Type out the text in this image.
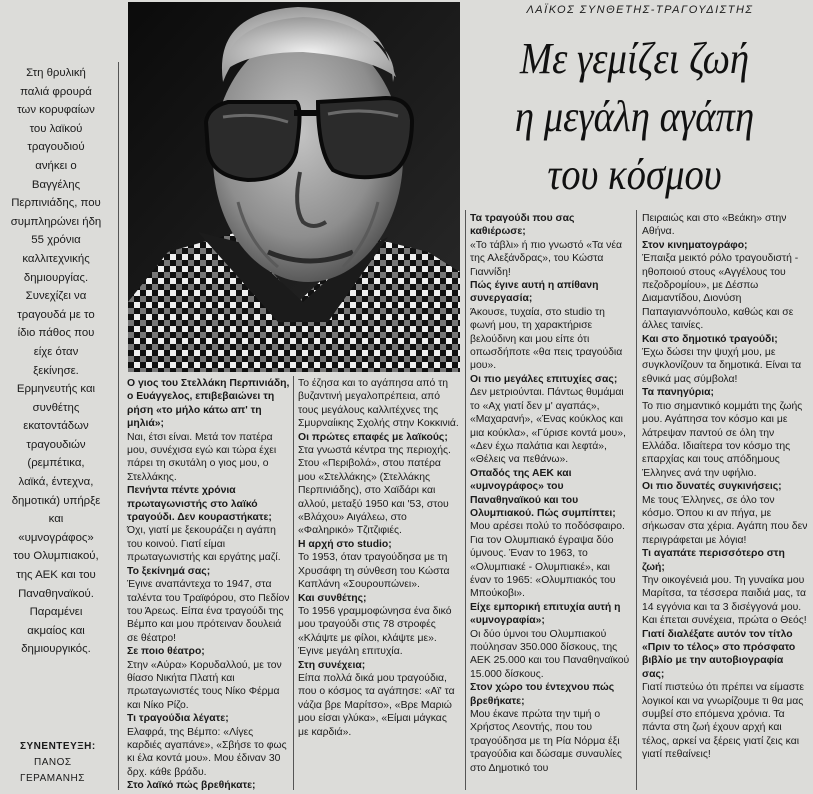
Στη θρυλική

παλιά φρουρά

των κορυφαίων

του λαϊκού

τραγουδιού

ανήκει ο

Βαγγέλης

Περπινιάδης, που

συμπληρώνει ήδη

55 χρόνια

καλλιτεχνικής

δημιουργίας.

Συνεχίζει να

τραγουδά με το

ίδιο πάθος που

είχε όταν

ξεκίνησε.

Ερμηνευτής και

συνθέτης

εκατοντάδων

τραγουδιών

(ρεμπέτικα,

λαϊκά, έντεχνα,

δημοτικά) υπήρξε

και

«υμνογράφος»

του Ολυμπιακού,

της ΑΕΚ και του

Παναθηναϊκού.

Παραμένει

ακμαίος και

δημιουργικός.

ΣΥΝΕΝΤΕΥΞΗ:
ΠΑΝΟΣ
ΓΕΡΑΜΑΝΗΣ
ΛΑΪΚΟΣ ΣΥΝΘΕΤΗΣ-ΤΡΑΓΟΥΔΙΣΤΗΣ
Με γεμίζει ζωή
η μεγάλη αγάπη
του κόσμου

Ο γιος του Στελλάκη Περπινιάδη, ο Ευάγγελος, επιβεβαιώνει τη ρήση «το μήλο κάτω απ' τη μηλιά»;

Ναι, έτσι είναι. Μετά τον πατέρα μου, συνέχισα εγώ και τώρα έχει πάρει τη σκυτάλη ο γιος μου, ο Στελλάκης.

Πενήντα πέντε χρόνια πρωταγωνιστής στο λαϊκό τραγούδι. Δεν κουραστήκατε;

Όχι, γιατί με ξεκουράζει η αγάπη του κοινού. Γιατί είμαι πρωταγωνιστής και εργάτης μαζί.

Το ξεκίνημά σας;

Έγινε αναπάντεχα το 1947, στα ταλέντα του Τραϊφόρου, στο Πεδίον του Άρεως. Είπα ένα τραγούδι της Βέμπο και μου πρότειναν δουλειά σε θέατρο!

Σε ποιο θέατρο;

Στην «Αύρα» Κορυδαλλού, με τον θίασο Νικήτα Πλατή και πρωταγωνιστές τους Νίκο Φέρμα και Νίκο Ρίζο.

Τι τραγούδια λέγατε;

Ελαφρά, της Βέμπο: «Λίγες καρδιές αγαπάνε», «Σβήσε το φως κι έλα κοντά μου». Μου έδιναν 30 δρχ. κάθε βράδυ.

Στο λαϊκό πώς βρεθήκατε;

Το έζησα και το αγάπησα από τη βυζαντινή μεγαλοπρέπεια, από τους μεγάλους καλλιτέχνες της Σμυρναίικης Σχολής στην Κοκκινιά.

Οι πρώτες επαφές με λαϊκούς;

Στα γνωστά κέντρα της περιοχής. Στου «Περιβολά», στου πατέρα μου «Στελλάκης» (Στελλάκης Περπινιάδης), στο Χαϊδάρι και αλλού, μεταξύ 1950 και '53, στου «Βλάχου» Αιγάλεω, στο «Φαληρικό» Τζιτζιφιές.

Η αρχή στο studio;

Το 1953, όταν τραγούδησα με τη Χρυσάφη τη σύνθεση του Κώστα Καπλάνη «Σουρουπώνει».

Και συνθέτης;

Το 1956 γραμμοφώνησα ένα δικό μου τραγούδι στις 78 στροφές «Κλάψτε με φίλοι, κλάψτε με». Έγινε μεγάλη επιτυχία.

Στη συνέχεια;

Είπα πολλά δικά μου τραγούδια, που ο κόσμος τα αγάπησε: «Αϊ' τα νάζια βρε Μαρίτσο», «Βρε Μαριώ μου είσαι γλύκα», «Είμαι μάγκας με καρδιά».

Τα τραγούδι που σας καθιέρωσε;

«Το τάβλι» ή πιο γνωστό «Τα νέα της Αλεξάνδρας», του Κώστα Γιαννίδη!

Πώς έγινε αυτή η απίθανη συνεργασία;

Άκουσε, τυχαία, στο studio τη φωνή μου, τη χαρακτήρισε βελούδινη και μου είπε ότι οπωσδήποτε «θα πεις τραγούδια μου».

Οι πιο μεγάλες επιτυχίες σας;

Δεν μετριούνται. Πάντως θυμάμαι το «Αχ γιατί δεν μ' αγαπάς», «Μαχαρανή», «Ένας κούκλος και μια κούκλα», «Γύρισε κοντά μου», «Δεν έχω παλάτια και λεφτά», «Θέλεις να πεθάνω».

Οπαδός της ΑΕΚ και «υμνογράφος» του Παναθηναϊκού και του Ολυμπιακού. Πώς συμπίπτει;

Μου αρέσει πολύ το ποδόσφαιρο. Για τον Ολυμπιακό έγραψα δύο ύμνους. Έναν το 1963, το «Ολυμπιακέ - Ολυμπιακέ», και έναν το 1965: «Ολυμπιακός του Μπούκοβι».

Είχε εμπορική επιτυχία αυτή η «υμνογραφία»;

Οι δύο ύμνοι του Ολυμπιακού πούλησαν 350.000 δίσκους, της ΑΕΚ 25.000 και του Παναθηναϊκού 15.000 δίσκους.

Στον χώρο του έντεχνου πώς βρεθήκατε;

Μου έκανε πρώτα την τιμή ο Χρήστος Λεοντής, που του τραγούδησα με τη Ρία Νόρμα έξι τραγούδια και δώσαμε συναυλίες στο Δημοτικό του

Πειραιώς και στο «Βεάκη» στην Αθήνα.

Στον κινηματογράφο;

Έπαιξα μεικτό ρόλο τραγουδιστή - ηθοποιού στους «Αγγέλους του πεζοδρομίου», με Δέσπω Διαμαντίδου, Διονύση Παπαγιαννόπουλο, καθώς και σε άλλες ταινίες.

Και στο δημοτικό τραγούδι;

Έχω δώσει την ψυχή μου, με συγκλονίζουν τα δημοτικά. Είναι τα εθνικά μας σύμβολα!

Τα πανηγύρια;

Το πιο σημαντικό κομμάτι της ζωής μου. Αγάπησα τον κόσμο και με λάτρεψαν παντού σε όλη την Ελλάδα. Ιδιαίτερα τον κόσμο της επαρχίας και τους απόδημους Έλληνες ανά την υφήλιο.

Οι πιο δυνατές συγκινήσεις;

Με τους Έλληνες, σε όλο τον κόσμο. Όπου κι αν πήγα, με σήκωσαν στα χέρια. Αγάπη που δεν περιγράφεται με λόγια!

Τι αγαπάτε περισσότερο στη ζωή;

Την οικογένειά μου. Τη γυναίκα μου Μαρίτσα, τα τέσσερα παιδιά μας, τα 14 εγγόνια και τα 3 δισέγγονά μου. Και έπεται συνέχεια, πρώτα ο Θεός!

Γιατί διαλέξατε αυτόν τον τίτλο «Πριν το τέλος» στο πρόσφατο βιβλίο με την αυτοβιογραφία σας;

Γιατί πιστεύω ότι πρέπει να είμαστε λογικοί και να γνωρίζουμε τι θα μας συμβεί στο επόμενα χρόνια. Τα πάντα στη ζωή έχουν αρχή και τέλος, αρκεί να ξέρεις γιατί ζεις και γιατί πεθαίνεις!
